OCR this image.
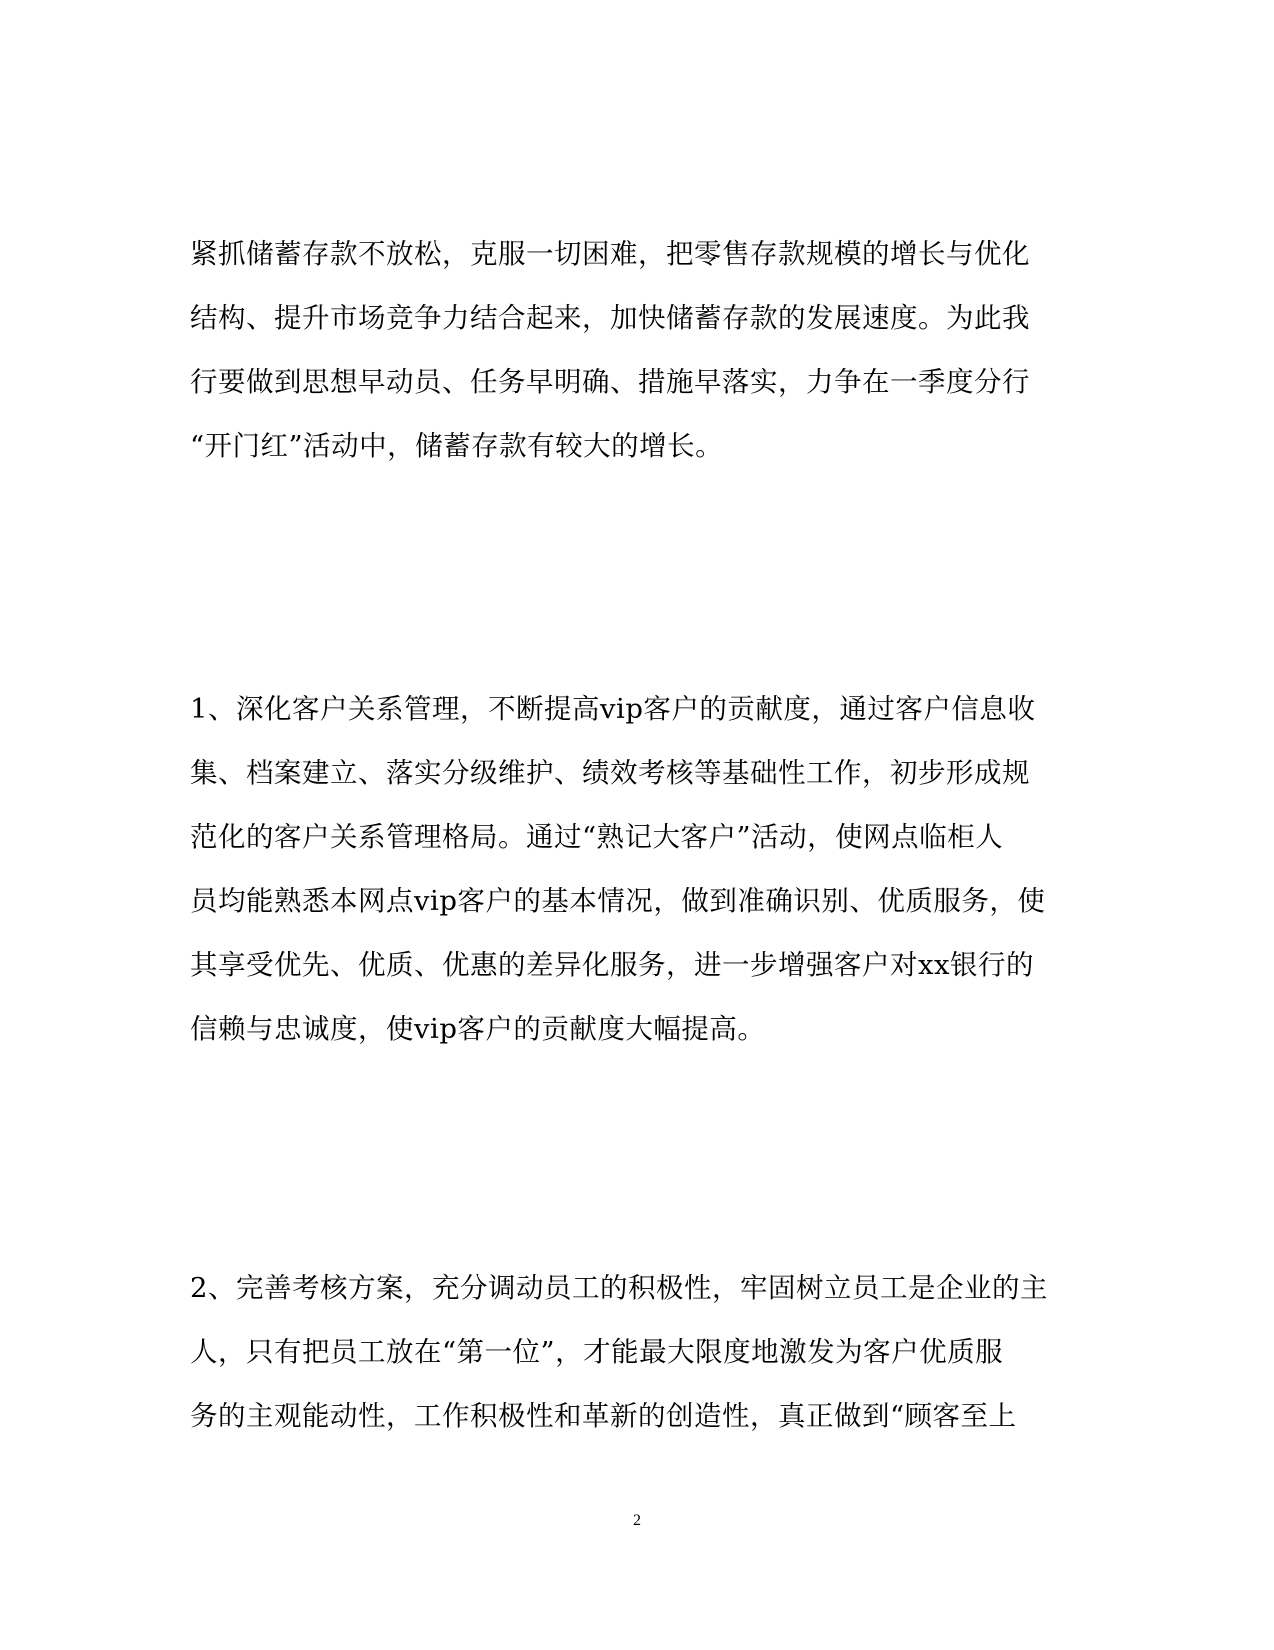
紧抓储蓄存款不放松，克服一切困难，把零售存款规模的增长与优化
结构、提升市场竞争力结合起来，加快储蓄存款的发展速度。为此我
行要做到思想早动员、任务早明确、措施早落实，力争在一季度分行
“开门红”活动中，储蓄存款有较大的增长。
1、深化客户关系管理，不断提高vip客户的贡献度，通过客户信息收
集、档案建立、落实分级维护、绩效考核等基础性工作，初步形成规
范化的客户关系管理格局。通过“熟记大客户”活动，使网点临柜人
员均能熟悉本网点vip客户的基本情况，做到准确识别、优质服务，使
其享受优先、优质、优惠的差异化服务，进一步增强客户对xx银行的
信赖与忠诚度，使vip客户的贡献度大幅提高。
2、完善考核方案，充分调动员工的积极性，牢固树立员工是企业的主
人，只有把员工放在“第一位”，才能最大限度地激发为客户优质服
务的主观能动性，工作积极性和革新的创造性，真正做到“顾客至上
2
